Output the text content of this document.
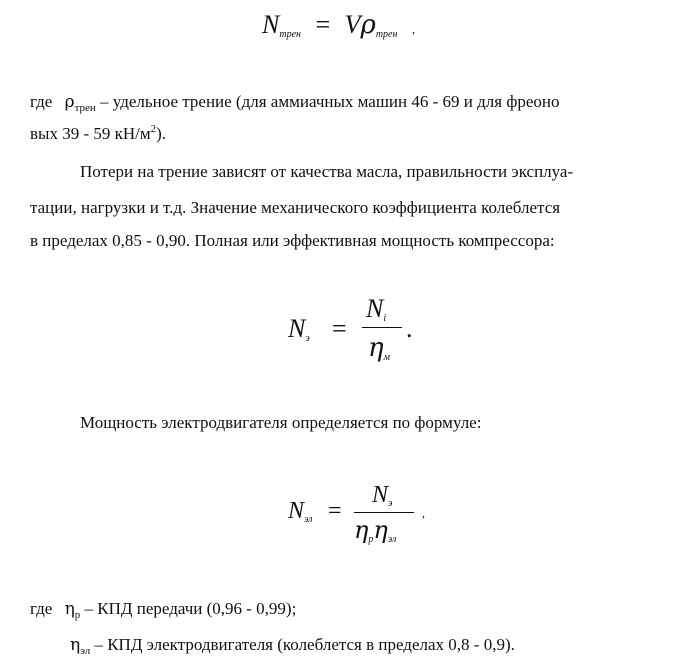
Nтрен = Vρтрен ,
где $\rho_{трен}$ – удельное трение (для аммиачных машин 46 - 69 и для фреоно
вых 39 - 59 $кН/м^2$).
Потери на трение зависят от качества масла, правильности эксплуа-
тации, нагрузки и т.д. Значение механического коэффициента колеблется
в пределах 0,85 - 0,90. Полная или эффективная мощность компрессора:
Nэ =
Ni
ηм
.
Мощность электродвигателя определяется по формуле:
Nэл =
Nэ
ηрηэл
,
где $\eta_р$ – КПД передачи (0,96 - 0,99);
$\eta_{эл}$ – КПД электродвигателя (колеблется в пределах 0,8 - 0,9).
